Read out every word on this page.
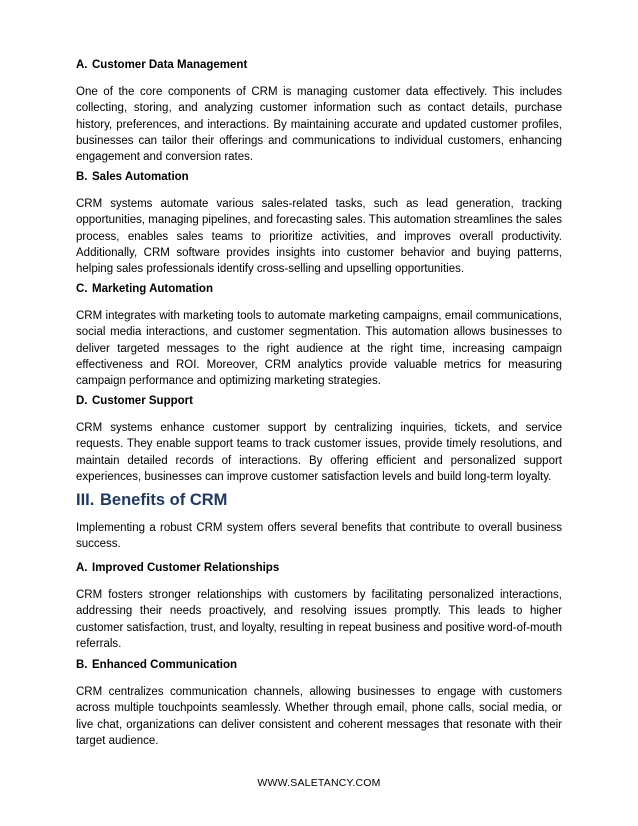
A. Customer Data Management

One of the core components of CRM is managing customer data effectively. This includes collecting, storing, and analyzing customer information such as contact details, purchase history, preferences, and interactions. By maintaining accurate and updated customer profiles, businesses can tailor their offerings and communications to individual customers, enhancing engagement and conversion rates.

B. Sales Automation

CRM systems automate various sales-related tasks, such as lead generation, tracking opportunities, managing pipelines, and forecasting sales. This automation streamlines the sales process, enables sales teams to prioritize activities, and improves overall productivity. Additionally, CRM software provides insights into customer behavior and buying patterns, helping sales professionals identify cross-selling and upselling opportunities.

C. Marketing Automation

CRM integrates with marketing tools to automate marketing campaigns, email communications, social media interactions, and customer segmentation. This automation allows businesses to deliver targeted messages to the right audience at the right time, increasing campaign effectiveness and ROI. Moreover, CRM analytics provide valuable metrics for measuring campaign performance and optimizing marketing strategies.

D. Customer Support

CRM systems enhance customer support by centralizing inquiries, tickets, and service requests. They enable support teams to track customer issues, provide timely resolutions, and maintain detailed records of interactions. By offering efficient and personalized support experiences, businesses can improve customer satisfaction levels and build long-term loyalty.

III. Benefits of CRM

Implementing a robust CRM system offers several benefits that contribute to overall business success.

A. Improved Customer Relationships

CRM fosters stronger relationships with customers by facilitating personalized interactions, addressing their needs proactively, and resolving issues promptly. This leads to higher customer satisfaction, trust, and loyalty, resulting in repeat business and positive word-of-mouth referrals.

B. Enhanced Communication

CRM centralizes communication channels, allowing businesses to engage with customers across multiple touchpoints seamlessly. Whether through email, phone calls, social media, or live chat, organizations can deliver consistent and coherent messages that resonate with their target audience.

WWW.SALETANCY.COM
